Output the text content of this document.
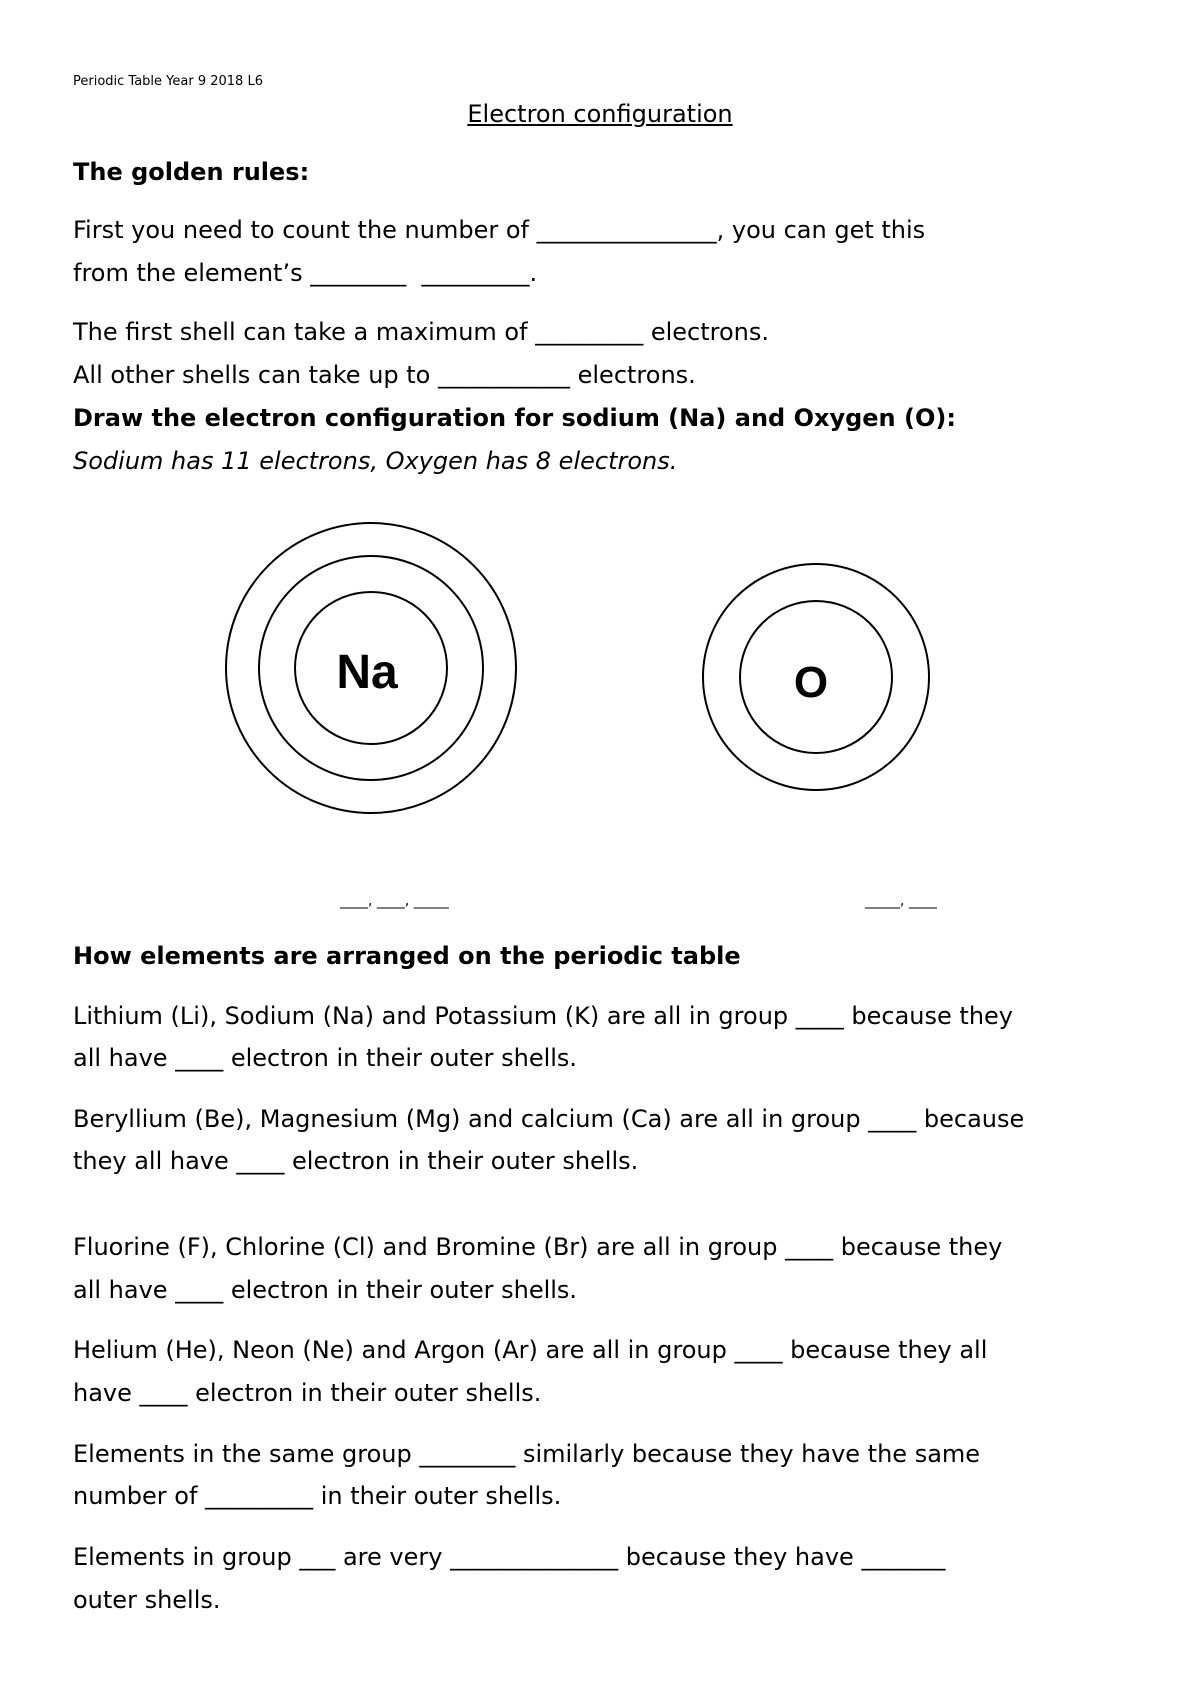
Periodic Table Year 9 2018 L6
Electron configuration
The golden rules:
First you need to count the number of _______________, you can get this
from the element’s ________  _________.
The first shell can take a maximum of _________ electrons.
All other shells can take up to ___________ electrons.
Draw the electron configuration for sodium (Na) and Oxygen (O):
Sodium has 11 electrons, Oxygen has 8 electrons.
Na	O
____, ____, _____	_____, ____
How elements are arranged on the periodic table
Lithium (Li), Sodium (Na) and Potassium (K) are all in group ____ because they
all have ____ electron in their outer shells.
Beryllium (Be), Magnesium (Mg) and calcium (Ca) are all in group ____ because
they all have ____ electron in their outer shells.
Fluorine (F), Chlorine (Cl) and Bromine (Br) are all in group ____ because they
all have ____ electron in their outer shells.
Helium (He), Neon (Ne) and Argon (Ar) are all in group ____ because they all
have ____ electron in their outer shells.
Elements in the same group ________ similarly because they have the same
number of _________ in their outer shells.
Elements in group ___ are very ______________ because they have _______
outer shells.
